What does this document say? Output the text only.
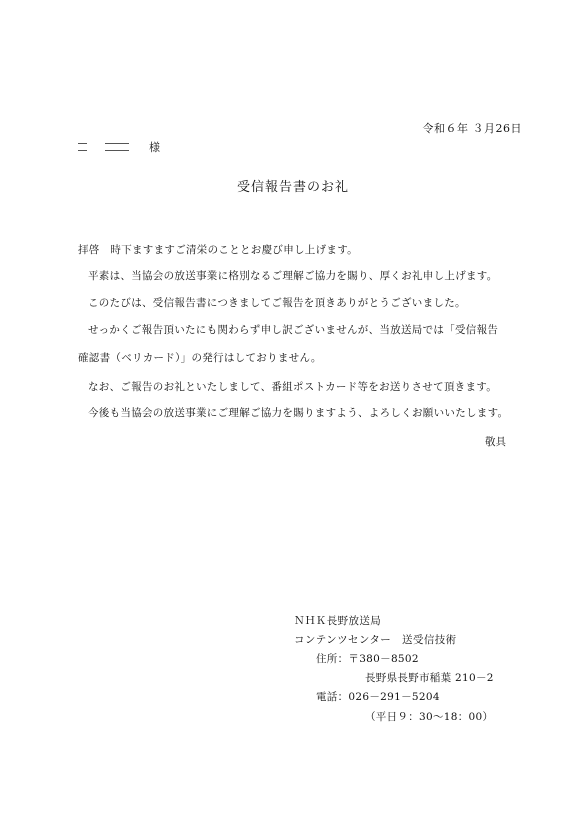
令和６年 ３月26日
様
受信報告書のお礼
拝啓　時下ますますご清栄のこととお慶び申し上げます。
平素は、当協会の放送事業に格別なるご理解ご協力を賜り、厚くお礼申し上げます。
このたびは、受信報告書につきましてご報告を頂きありがとうございました。
せっかくご報告頂いたにも関わらず申し訳ございませんが、当放送局では「受信報告
確認書（ベリカード）」の発行はしておりません。
なお、ご報告のお礼といたしまして、番組ポストカード等をお送りさせて頂きます。
今後も当協会の放送事業にご理解ご協力を賜りますよう、よろしくお願いいたします。
敬具
ＮＨＫ長野放送局
コンテンツセンター　送受信技術
住所：〒380－8502
長野県長野市稲葉 210－2
電話：026－291－5204
（平日９：30～18：00）
